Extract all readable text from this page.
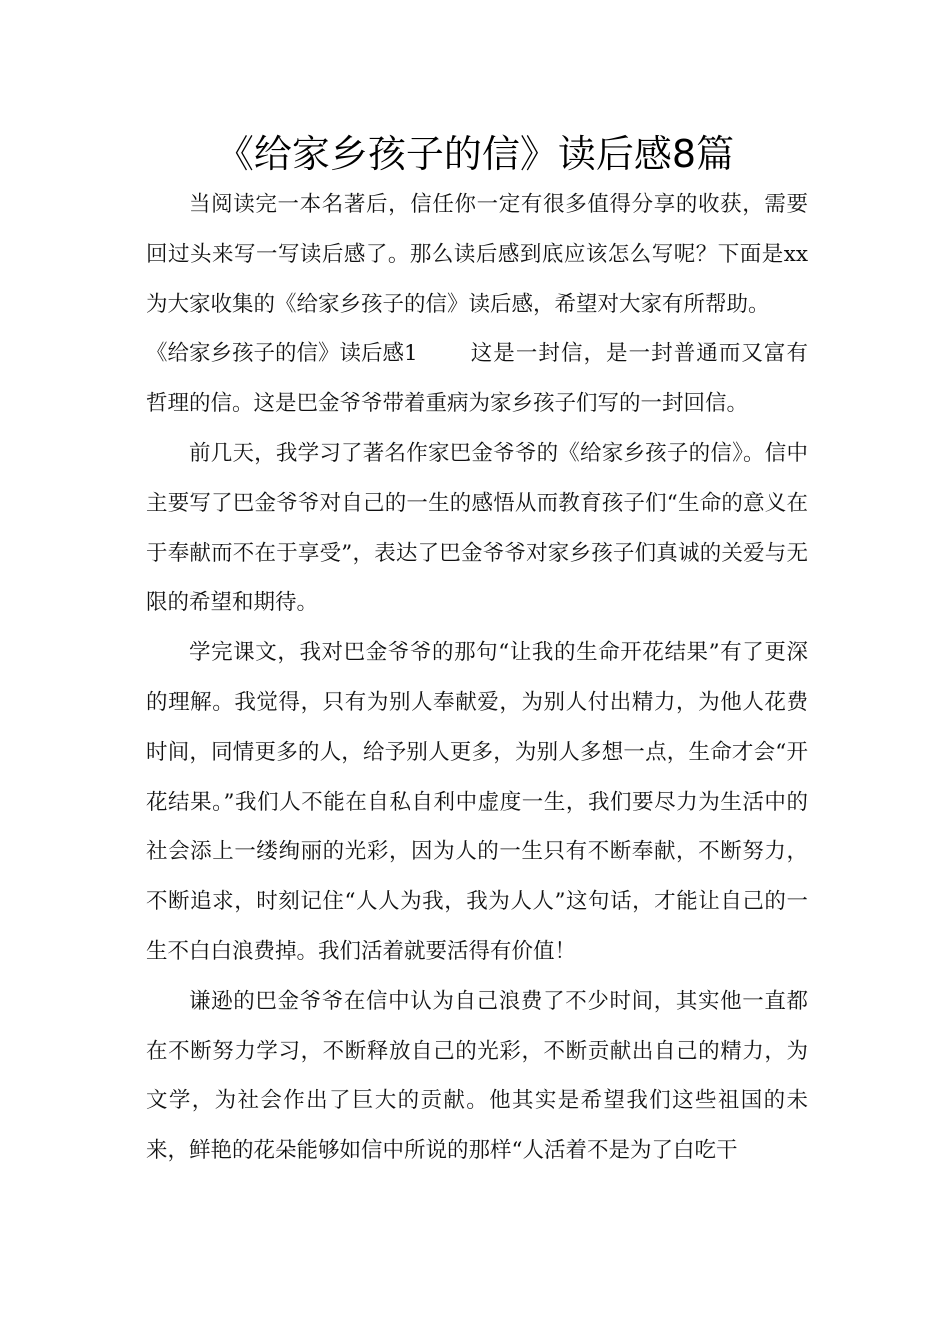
《给家乡孩子的信》读后感8篇

当阅读完一本名著后，信任你一定有很多值得分享的收获，需要回过头来写一写读后感了。那么读后感到底应该怎么写呢？下面是xx为大家收集的《给家乡孩子的信》读后感，希望对大家有所帮助。

《给家乡孩子的信》读后感1 这是一封信，是一封普通而又富有哲理的信。这是巴金爷爷带着重病为家乡孩子们写的一封回信。

前几天，我学习了著名作家巴金爷爷的《给家乡孩子的信》。信中主要写了巴金爷爷对自己的一生的感悟从而教育孩子们“生命的意义在于奉献而不在于享受”，表达了巴金爷爷对家乡孩子们真诚的关爱与无限的希望和期待。

学完课文，我对巴金爷爷的那句“让我的生命开花结果”有了更深的理解。我觉得，只有为别人奉献爱，为别人付出精力，为他人花费时间，同情更多的人，给予别人更多，为别人多想一点，生命才会“开花结果。”我们人不能在自私自利中虚度一生，我们要尽力为生活中的社会添上一缕绚丽的光彩，因为人的一生只有不断奉献，不断努力，不断追求，时刻记住“人人为我，我为人人”这句话，才能让自己的一生不白白浪费掉。我们活着就要活得有价值！

谦逊的巴金爷爷在信中认为自己浪费了不少时间，其实他一直都在不断努力学习，不断释放自己的光彩，不断贡献出自己的精力，为文学，为社会作出了巨大的贡献。他其实是希望我们这些祖国的未来，鲜艳的花朵能够如信中所说的那样“人活着不是为了白吃干
